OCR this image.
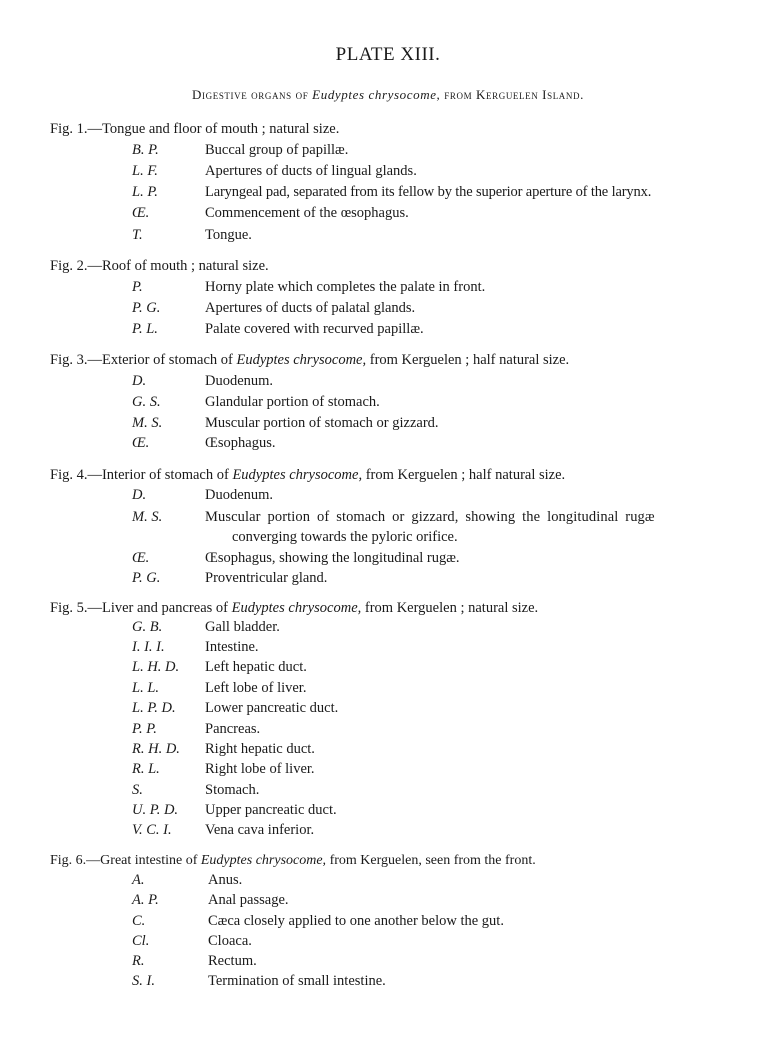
PLATE XIII.
Digestive organs of Eudyptes chrysocome, from Kerguelen Island.
Fig. 1.—Tongue and floor of mouth ; natural size.
B. P.	Buccal group of papillæ.
L. F.	Apertures of ducts of lingual glands.
L. P.	Laryngeal pad, separated from its fellow by the superior aperture of the larynx.
Œ.	Commencement of the œsophagus.
T.	Tongue.
Fig. 2.—Roof of mouth ; natural size.
P.	Horny plate which completes the palate in front.
P. G.	Apertures of ducts of palatal glands.
P. L.	Palate covered with recurved papillæ.
Fig. 3.—Exterior of stomach of Eudyptes chrysocome, from Kerguelen ; half natural size.
D.	Duodenum.
G. S.	Glandular portion of stomach.
M. S.	Muscular portion of stomach or gizzard.
Œ.	Œsophagus.
Fig. 4.—Interior of stomach of Eudyptes chrysocome, from Kerguelen ; half natural size.
D.	Duodenum.
M. S.	Muscular portion of stomach or gizzard, showing the longitudinal rugæ
converging towards the pyloric orifice.
Œ.	Œsophagus, showing the longitudinal rugæ.
P. G.	Proventricular gland.
Fig. 5.—Liver and pancreas of Eudyptes chrysocome, from Kerguelen ; natural size.
G. B.	Gall bladder.
I. I. I.	Intestine.
L. H. D. Left hepatic duct.
L. L.	Left lobe of liver.
L. P. D. Lower pancreatic duct.
P. P.	Pancreas.
R. H. D. Right hepatic duct.
R. L.	Right lobe of liver.
S.	Stomach.
U. P. D. Upper pancreatic duct.
V. C. I. Vena cava inferior.
Fig. 6.—Great intestine of Eudyptes chrysocome, from Kerguelen, seen from the front.
A.	Anus.
A. P.	Anal passage.
C.	Cæca closely applied to one another below the gut.
Cl.	Cloaca.
R.	Rectum.
S. I.	Termination of small intestine.
